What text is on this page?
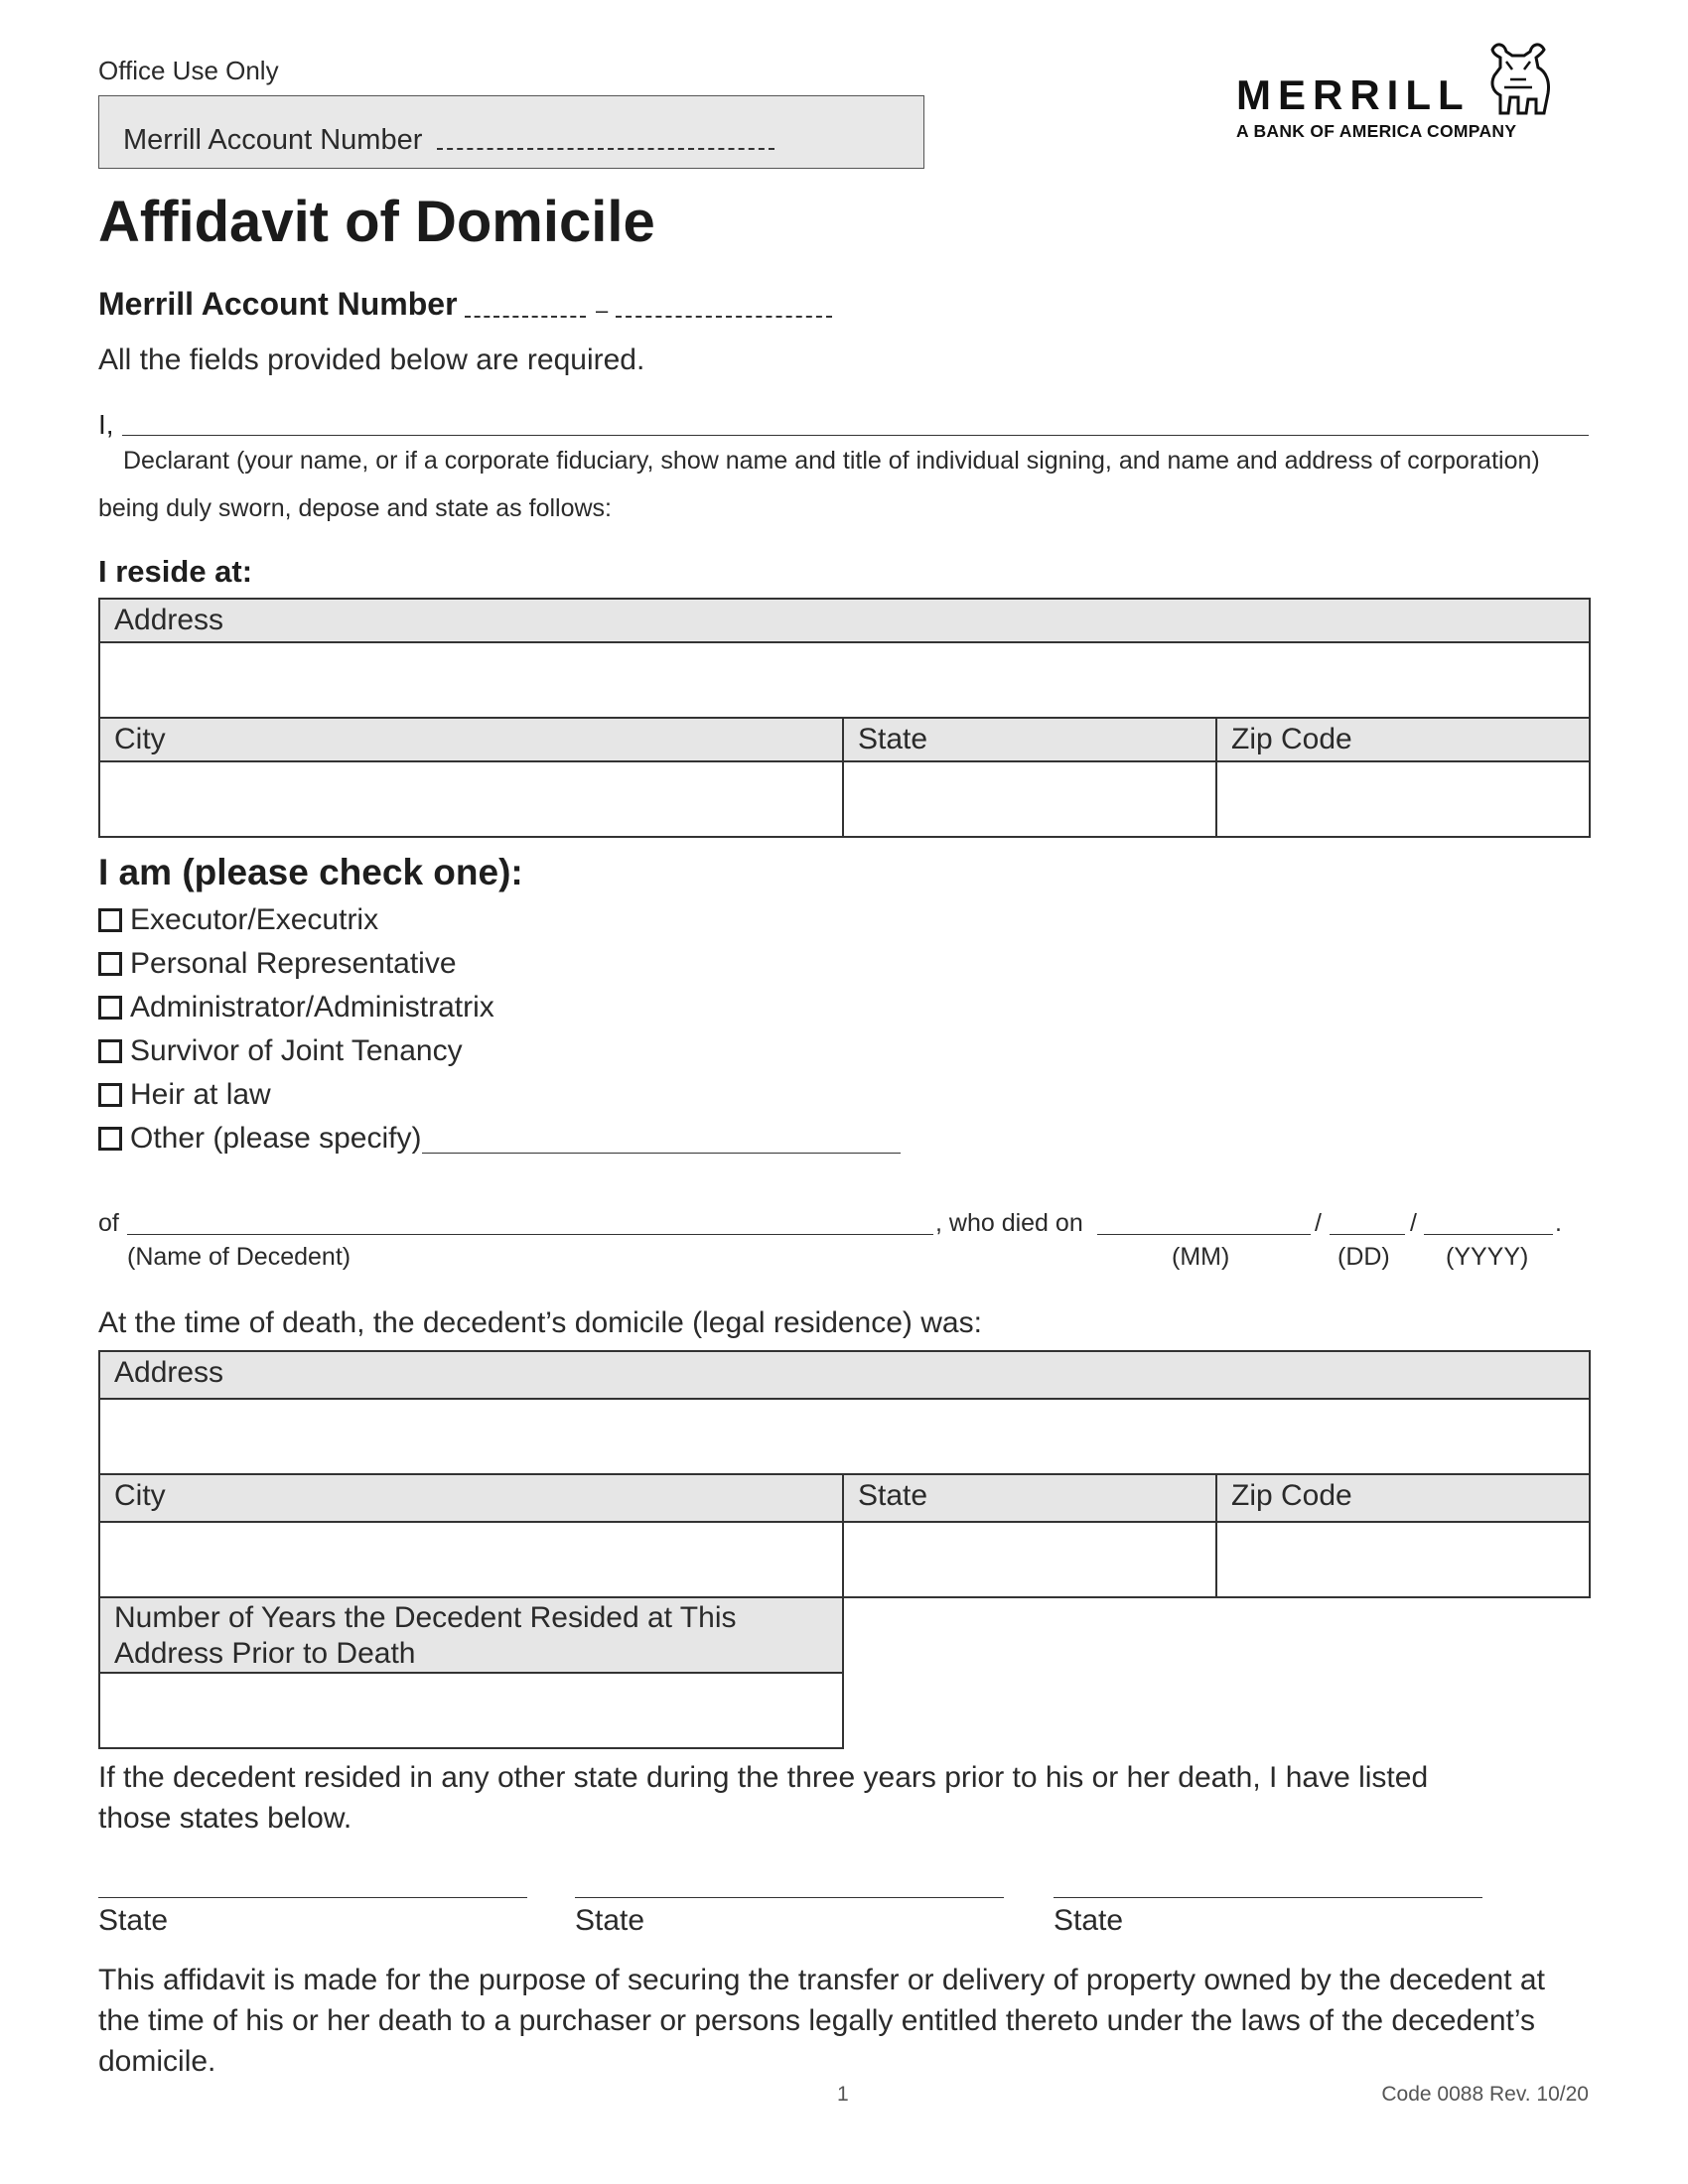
Office Use Only
Merrill Account Number
MERRILL
A BANK OF AMERICA COMPANY
Affidavit of Domicile
Merrill Account Number	–
All the fields provided below are required.
I,
Declarant (your name, or if a corporate fiduciary, show name and title of individual signing, and name and address of corporation)
being duly sworn, depose and state as follows:
I reside at:
Address		

City	State	Zip Code

I am (please check one):
Executor/Executrix
Personal Representative
Administrator/Administratrix
Survivor of Joint Tenancy
Heir at law
Other (please specify)
of	, who died on	/	/	.
(Name of Decedent)	(MM)	(DD) (YYYY)
At the time of death, the decedent’s domicile (legal residence) was:
Address		

City	State	Zip Code

Number of Years the Decedent Resided at This Address Prior to Death		

If the decedent resided in any other state during the three years prior to his or her death, I have listed those states below.
State	State	State
This affidavit is made for the purpose of securing the transfer or delivery of property owned by the decedent at the time of his or her death to a purchaser or persons legally entitled thereto under the laws of the decedent’s domicile.
1	Code 0088 Rev. 10/20
